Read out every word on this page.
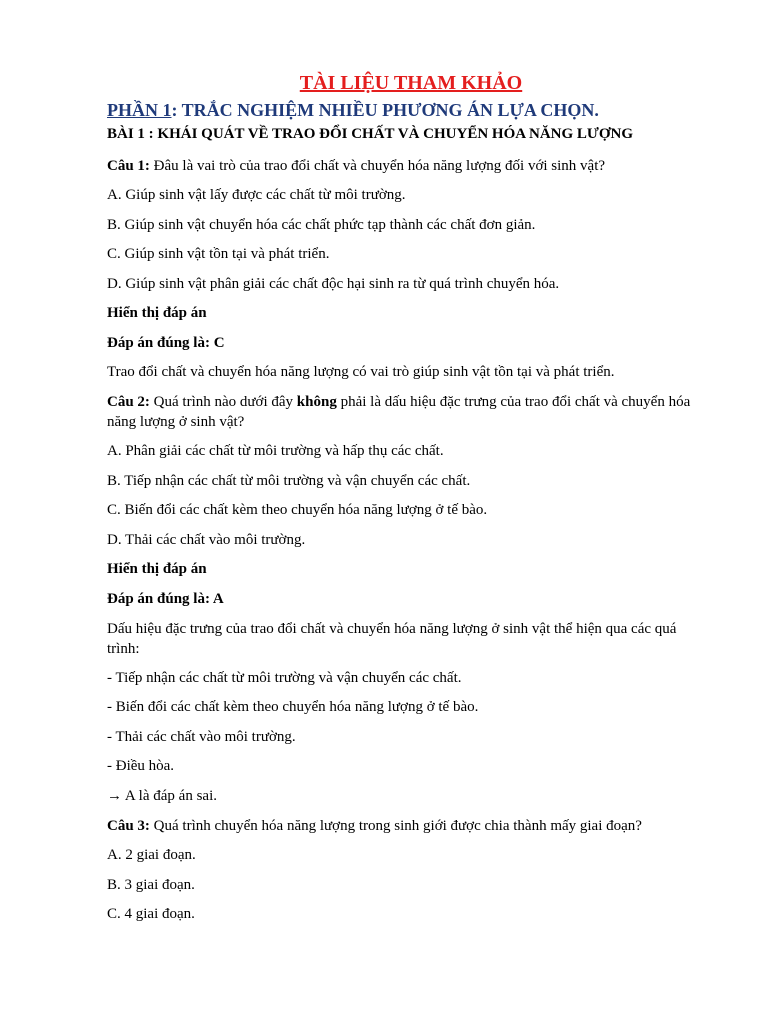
TÀI LIỆU THAM KHẢO
PHẦN 1: TRẮC NGHIỆM NHIỀU PHƯƠNG ÁN LỰA CHỌN.
BÀI 1 : KHÁI QUÁT VỀ TRAO ĐỔI CHẤT VÀ CHUYỂN HÓA NĂNG LƯỢNG
Câu 1: Đâu là vai trò của trao đổi chất và chuyển hóa năng lượng đối với sinh vật?
A. Giúp sinh vật lấy được các chất từ môi trường.
B. Giúp sinh vật chuyển hóa các chất phức tạp thành các chất đơn giản.
C. Giúp sinh vật tồn tại và phát triển.
D. Giúp sinh vật phân giải các chất độc hại sinh ra từ quá trình chuyển hóa.
Hiển thị đáp án
Đáp án đúng là: C
Trao đổi chất và chuyển hóa năng lượng có vai trò giúp sinh vật tồn tại và phát triển.
Câu 2: Quá trình nào dưới đây không phải là dấu hiệu đặc trưng của trao đổi chất và chuyển hóa năng lượng ở sinh vật?
A. Phân giải các chất từ môi trường và hấp thụ các chất.
B. Tiếp nhận các chất từ môi trường và vận chuyển các chất.
C. Biến đổi các chất kèm theo chuyển hóa năng lượng ở tế bào.
D. Thải các chất vào môi trường.
Hiển thị đáp án
Đáp án đúng là: A
Dấu hiệu đặc trưng của trao đổi chất và chuyển hóa năng lượng ở sinh vật thể hiện qua các quá trình:
- Tiếp nhận các chất từ môi trường và vận chuyển các chất.
- Biến đổi các chất kèm theo chuyển hóa năng lượng ở tế bào.
- Thải các chất vào môi trường.
- Điều hòa.
→ A là đáp án sai.
Câu 3: Quá trình chuyển hóa năng lượng trong sinh giới được chia thành mấy giai đoạn?
A. 2 giai đoạn.
B. 3 giai đoạn.
C. 4 giai đoạn.
